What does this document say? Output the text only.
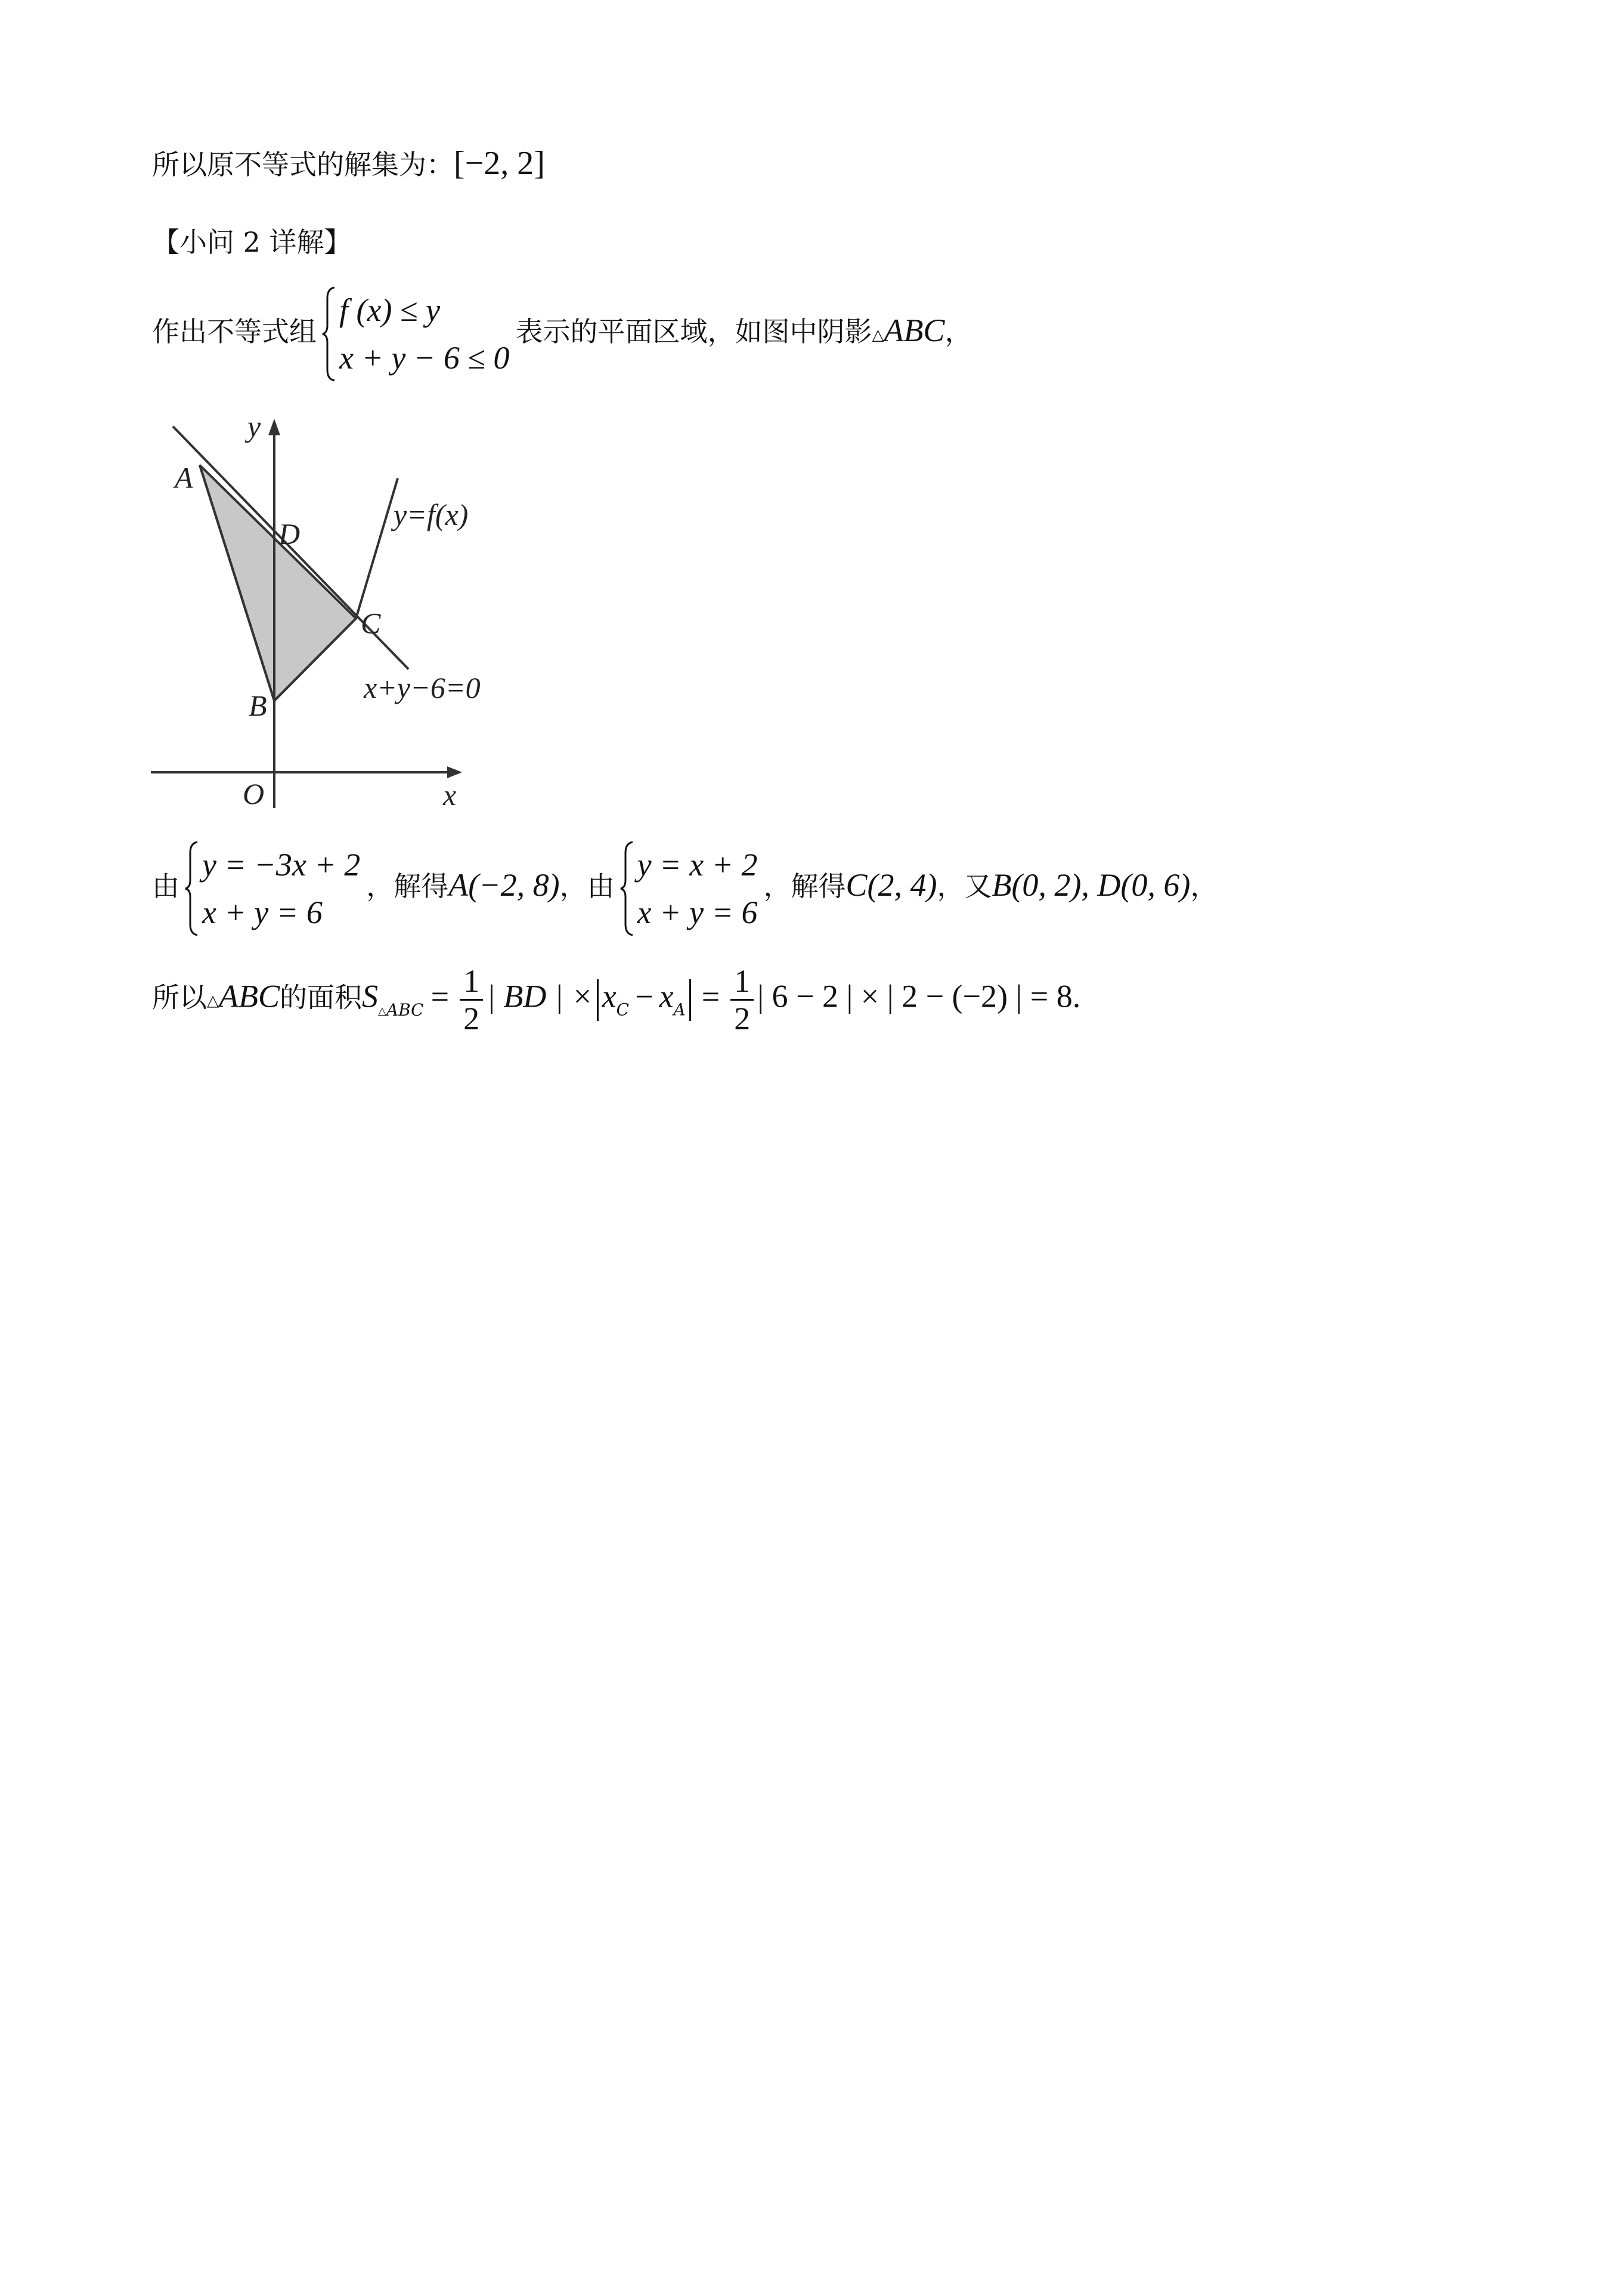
所以原不等式的解集为：[−2, 2]
【小问 2 详解】
作出不等式组
f (x) ≤ y
x + y − 6 ≤ 0
表示的平面区域，如图中阴影△ABC，
y
x
O
A
D
C
B
y=f(x)
x+y−6=0
由
y = −3x + 2
x + y = 6
，解得A(−2, 8)，由
y = x + 2
x + y = 6
，解得C(2, 4)，又B(0, 2), D(0, 6)，
所以△ABC的面积$S_{\triangle ABC} = \frac{1}{2}$ | BD | × $x_C - x_A = \frac{1}{2}$ | 6 − 2 | × | 2 − (−2) | = 8.
